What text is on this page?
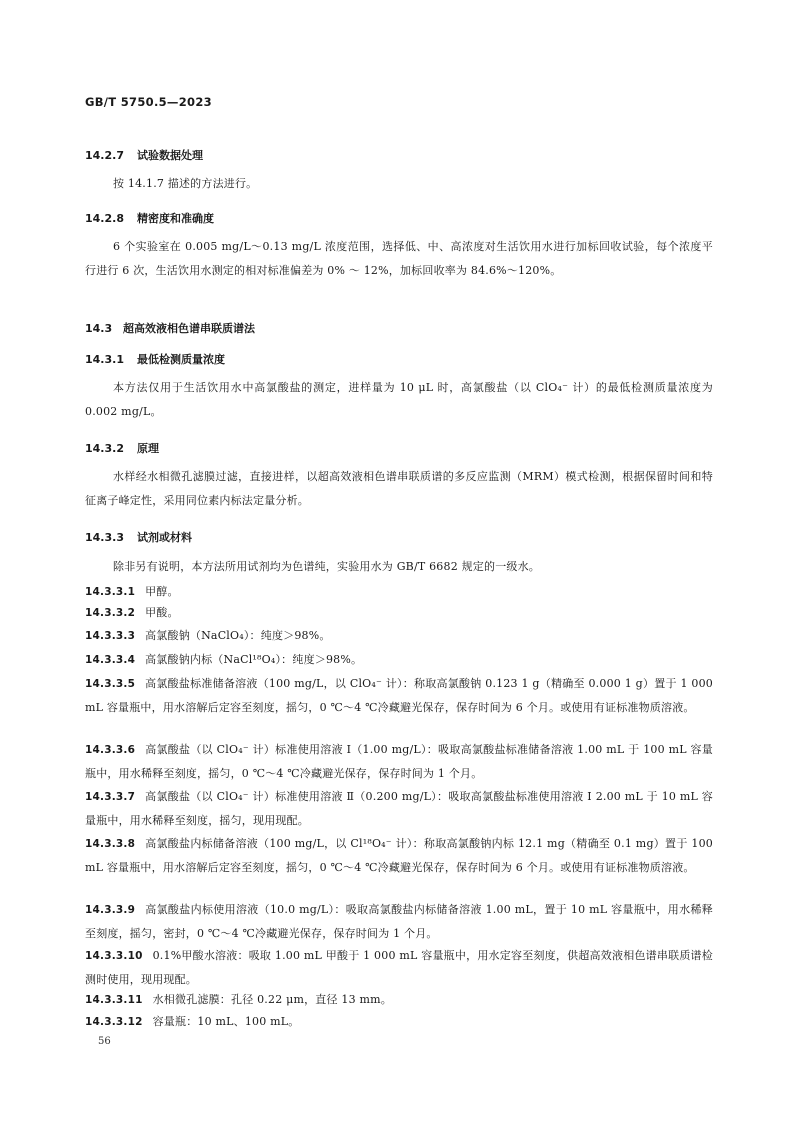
GB/T 5750.5—2023
14.2.7 试验数据处理
按 14.1.7 描述的方法进行。
14.2.8 精密度和准确度
6 个实验室在 0.005 mg/L～0.13 mg/L 浓度范围，选择低、中、高浓度对生活饮用水进行加标回收试验，每个浓度平行进行 6 次，生活饮用水测定的相对标准偏差为 0% ～ 12%，加标回收率为 84.6%～120%。
14.3 超高效液相色谱串联质谱法
14.3.1 最低检测质量浓度
本方法仅用于生活饮用水中高氯酸盐的测定，进样量为 10 μL 时，高氯酸盐（以 ClO₄⁻ 计）的最低检测质量浓度为 0.002 mg/L。
14.3.2 原理
水样经水相微孔滤膜过滤，直接进样，以超高效液相色谱串联质谱的多反应监测（MRM）模式检测，根据保留时间和特征离子峰定性，采用同位素内标法定量分析。
14.3.3 试剂或材料
除非另有说明，本方法所用试剂均为色谱纯，实验用水为 GB/T 6682 规定的一级水。
14.3.3.1 甲醇。
14.3.3.2 甲酸。
14.3.3.3 高氯酸钠（NaClO₄）：纯度＞98%。
14.3.3.4 高氯酸钠内标（NaCl¹⁸O₄）：纯度＞98%。
14.3.3.5 高氯酸盐标准储备溶液（100 mg/L，以 ClO₄⁻ 计）：称取高氯酸钠 0.123 1 g（精确至 0.000 1 g）置于 1 000 mL 容量瓶中，用水溶解后定容至刻度，摇匀，0 ℃～4 ℃冷藏避光保存，保存时间为 6 个月。或使用有证标准物质溶液。
14.3.3.6 高氯酸盐（以 ClO₄⁻ 计）标准使用溶液 Ⅰ（1.00 mg/L）：吸取高氯酸盐标准储备溶液 1.00 mL 于 100 mL 容量瓶中，用水稀释至刻度，摇匀，0 ℃～4 ℃冷藏避光保存，保存时间为 1 个月。
14.3.3.7 高氯酸盐（以 ClO₄⁻ 计）标准使用溶液 Ⅱ（0.200 mg/L）：吸取高氯酸盐标准使用溶液 Ⅰ 2.00 mL 于 10 mL 容量瓶中，用水稀释至刻度，摇匀，现用现配。
14.3.3.8 高氯酸盐内标储备溶液（100 mg/L，以 Cl¹⁸O₄⁻ 计）：称取高氯酸钠内标 12.1 mg（精确至 0.1 mg）置于 100 mL 容量瓶中，用水溶解后定容至刻度，摇匀，0 ℃～4 ℃冷藏避光保存，保存时间为 6 个月。或使用有证标准物质溶液。
14.3.3.9 高氯酸盐内标使用溶液（10.0 mg/L）：吸取高氯酸盐内标储备溶液 1.00 mL，置于 10 mL 容量瓶中，用水稀释至刻度，摇匀，密封，0 ℃～4 ℃冷藏避光保存，保存时间为 1 个月。
14.3.3.10 0.1%甲酸水溶液：吸取 1.00 mL 甲酸于 1 000 mL 容量瓶中，用水定容至刻度，供超高效液相色谱串联质谱检测时使用，现用现配。
14.3.3.11 水相微孔滤膜：孔径 0.22 μm，直径 13 mm。
14.3.3.12 容量瓶：10 mL、100 mL。
56
